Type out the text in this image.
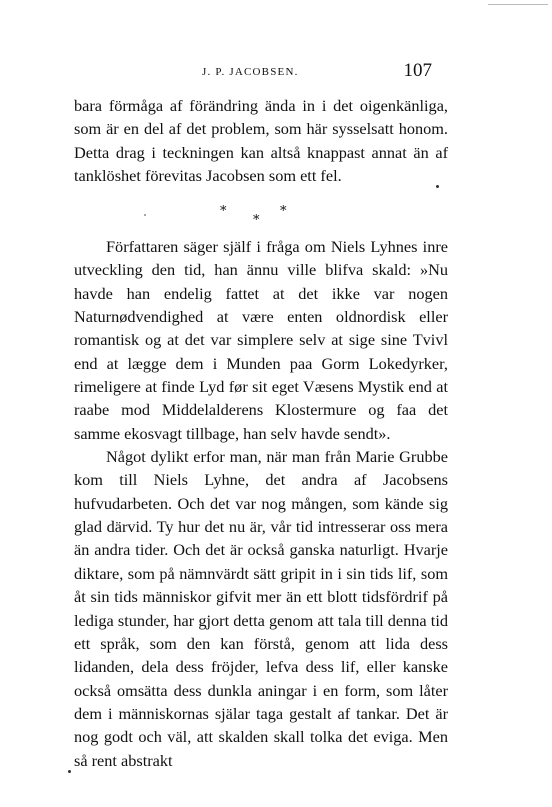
J. P. JACOBSEN.	107

bara förmåga af förändring ända in i det oigenkänliga, som är en del af det problem, som här sysselsatt honom. Detta drag i teckningen kan altså knappast annat än af tanklöshet förevitas Jacobsen som ett fel.

*	*
*

Författaren säger själf i fråga om Niels Lyhnes inre utveckling den tid, han ännu ville blifva skald: »Nu havde han endelig fattet at det ikke var nogen Naturnødvendighed at være enten oldnordisk eller romantisk og at det var simplere selv at sige sine Tvivl end at lægge dem i Munden paa Gorm Lokedyrker, rimeligere at finde Lyd før sit eget Væsens Mystik end at raabe mod Middelalderens Klostermure og faa det samme ekosvagt tillbage, han selv havde sendt».

Något dylikt erfor man, när man från Marie Grubbe kom till Niels Lyhne, det andra af Jacobsens hufvudarbeten. Och det var nog mången, som kände sig glad därvid. Ty hur det nu är, vår tid intresserar oss mera än andra tider. Och det är också ganska naturligt. Hvarje diktare, som på nämnvärdt sätt gripit in i sin tids lif, som åt sin tids människor gifvit mer än ett blott tidsfördrif på lediga stunder, har gjort detta genom att tala till denna tid ett språk, som den kan förstå, genom att lida dess lidanden, dela dess fröjder, lefva dess lif, eller kanske också omsätta dess dunkla aningar i en form, som låter dem i människornas själar taga gestalt af tankar. Det är nog godt och väl, att skalden skall tolka det eviga. Men så rent abstrakt
